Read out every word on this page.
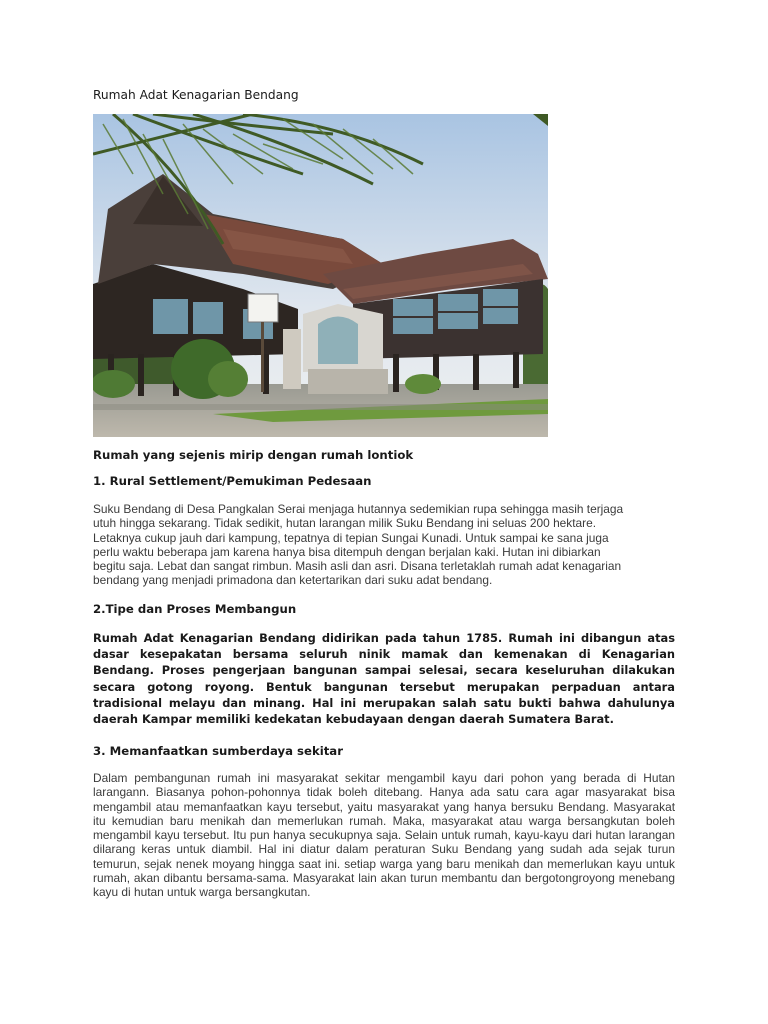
Rumah Adat Kenagarian Bendang
Rumah yang sejenis mirip dengan rumah lontiok
1. Rural Settlement/Pemukiman Pedesaan
Suku Bendang di Desa Pangkalan Serai menjaga hutannya sedemikian rupa sehingga masih terjaga
utuh hingga sekarang. Tidak sedikit, hutan larangan milik Suku Bendang ini seluas 200 hektare.
Letaknya cukup jauh dari kampung, tepatnya di tepian Sungai Kunadi. Untuk sampai ke sana juga
perlu waktu beberapa jam karena hanya bisa ditempuh dengan berjalan kaki. Hutan ini dibiarkan
begitu saja. Lebat dan sangat rimbun. Masih asli dan asri. Disana terletaklah rumah adat kenagarian
bendang yang menjadi primadona dan ketertarikan dari suku adat bendang.
2.Tipe dan Proses Membangun
Rumah Adat Kenagarian Bendang didirikan pada tahun 1785. Rumah ini dibangun atas dasar kesepakatan bersama seluruh ninik mamak dan kemenakan di Kenagarian Bendang. Proses pengerjaan bangunan sampai selesai, secara keseluruhan dilakukan secara gotong royong. Bentuk bangunan tersebut merupakan perpaduan antara tradisional melayu dan minang. Hal ini merupakan salah satu bukti bahwa dahulunya daerah Kampar memiliki kedekatan kebudayaan dengan daerah Sumatera Barat.
3. Memanfaatkan sumberdaya sekitar
Dalam pembangunan rumah ini masyarakat sekitar mengambil kayu dari pohon yang berada di Hutan larangann. Biasanya pohon-pohonnya tidak boleh ditebang. Hanya ada satu cara agar masyarakat bisa mengambil atau memanfaatkan kayu tersebut, yaitu masyarakat yang hanya bersuku Bendang. Masyarakat itu kemudian baru menikah dan memerlukan rumah. Maka, masyarakat atau warga bersangkutan boleh mengambil kayu tersebut. Itu pun hanya secukupnya saja. Selain untuk rumah, kayu-kayu dari hutan larangan dilarang keras untuk diambil. Hal ini diatur dalam peraturan Suku Bendang yang sudah ada sejak turun temurun, sejak nenek moyang hingga saat ini. setiap warga yang baru menikah dan memerlukan kayu untuk rumah, akan dibantu bersama-sama. Masyarakat lain akan turun membantu dan bergotongroyong menebang kayu di hutan untuk warga bersangkutan.
